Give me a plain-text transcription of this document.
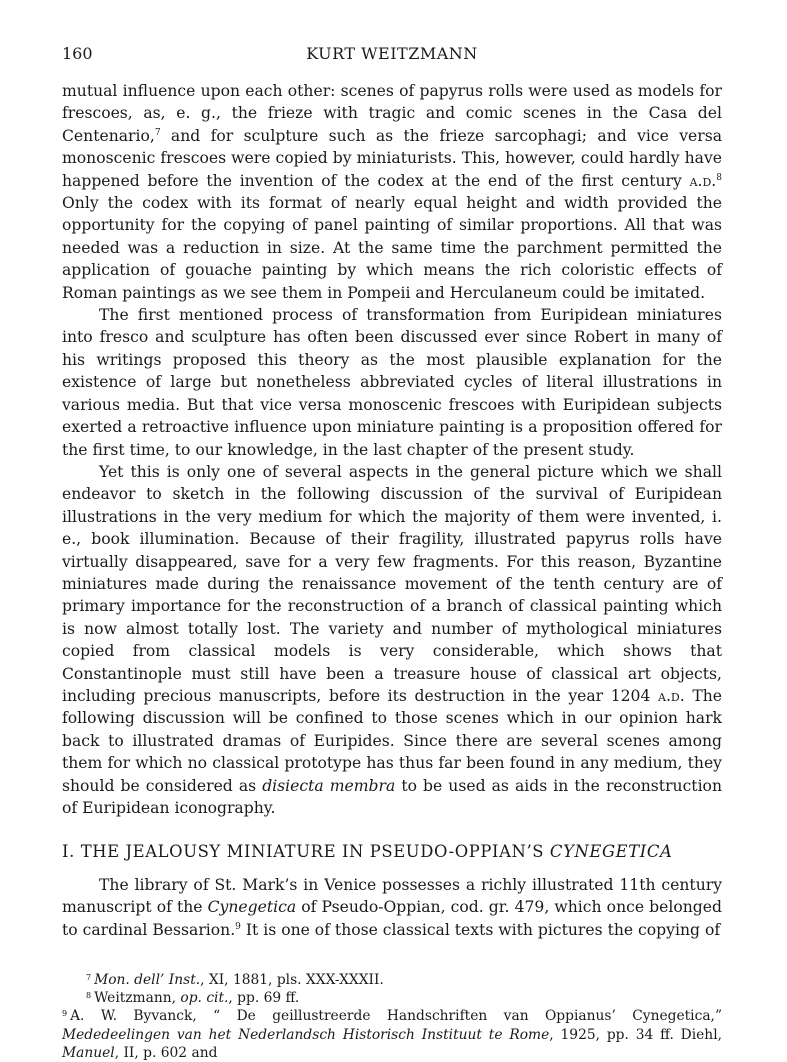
160	KURT WEITZMANN

mutual influence upon each other: scenes of papyrus rolls were used as models for frescoes, as, e. g., the frieze with tragic and comic scenes in the Casa del Centenario,$^7$ and for sculpture such as the frieze sarcophagi; and vice versa monoscenic frescoes were copied by miniaturists. This, however, could hardly have happened before the invention of the codex at the end of the first century a.d.$^8$ Only the codex with its format of nearly equal height and width provided the opportunity for the copying of panel painting of similar proportions. All that was needed was a reduction in size. At the same time the parchment permitted the application of gouache painting by which means the rich coloristic effects of Roman paintings as we see them in Pompeii and Herculaneum could be imitated.

The first mentioned process of transformation from Euripidean miniatures into fresco and sculpture has often been discussed ever since Robert in many of his writings proposed this theory as the most plausible explanation for the existence of large but nonetheless abbreviated cycles of literal illustrations in various media. But that vice versa monoscenic frescoes with Euripidean subjects exerted a retroactive influence upon miniature painting is a proposition offered for the first time, to our knowledge, in the last chapter of the present study.

Yet this is only one of several aspects in the general picture which we shall endeavor to sketch in the following discussion of the survival of Euripidean illustrations in the very medium for which the majority of them were invented, i. e., book illumination. Because of their fragility, illustrated papyrus rolls have virtually disappeared, save for a very few fragments. For this reason, Byzantine miniatures made during the renaissance movement of the tenth century are of primary importance for the reconstruction of a branch of classical painting which is now almost totally lost. The variety and number of mythological miniatures copied from classical models is very considerable, which shows that Constantinople must still have been a treasure house of classical art objects, including precious manuscripts, before its destruction in the year 1204 a.d. The following discussion will be confined to those scenes which in our opinion hark back to illustrated dramas of Euripides. Since there are several scenes among them for which no classical prototype has thus far been found in any medium, they should be considered as disiecta membra to be used as aids in the reconstruction of Euripidean iconography.

I. THE JEALOUSY MINIATURE IN PSEUDO-OPPIAN’S CYNEGETICA

The library of St. Mark’s in Venice possesses a richly illustrated 11th century manuscript of the Cynegetica of Pseudo-Oppian, cod. gr. 479, which once belonged to cardinal Bessarion.$^9$ It is one of those classical texts with pictures the copying of

$^7$ Mon. dell’ Inst., XI, 1881, pls. XXX-XXXII.

$^8$ Weitzmann, op. cit., pp. 69 ff.

$^9$ A. W. Byvanck, “ De geillustreerde Handschriften van Oppianus’ Cynegetica,” Mededeelingen van het Nederlandsch Historisch Instituut te Rome, 1925, pp. 34 ff. Diehl, Manuel, II, p. 602 and
